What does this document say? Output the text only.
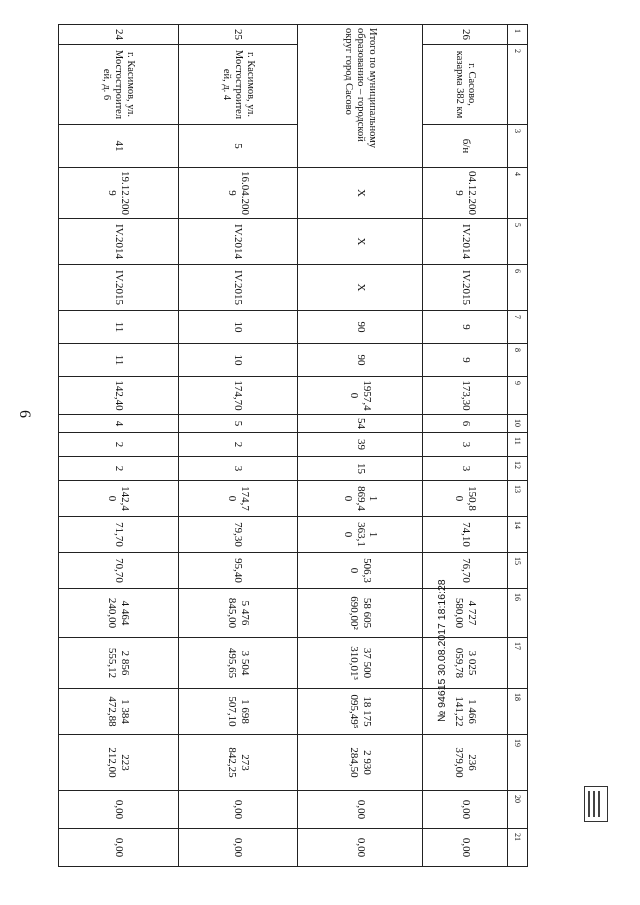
6
1	2	3	4	5	6	7	8	9	10	11	12	13	14	15	16	17	18	19	20	21
26	г. Сасово, казарма 382 км	б/н	04.12.2009	IV.2014	IV.2015	9	9	173,30	6	3	3	150,80	74,10	76,70	4 727 580,00	3 025 059,78	1 466 141,22	236 379,00	0,00	0,00
Итого по муниципальному образованию – городской округ город Сасово			Х	Х	Х	90	90	1957,40	54	39	15	1 869,40	1 363,10	506,30	58 605 690,00²	37 500 310,01³	18 175 095,49⁵	2 930 284,50	0,00	0,00
25	г. Касимов, ул. Мостостроителей, д. 4	5	16.04.2009	IV.2014	IV.2015	10	10	174,70	5	2	3	174,70	79,30	95,40	5 476 845,00	3 504 495,65	1 698 507,10	273 842,25	0,00	0,00
24	г. Касимов, ул. Мостостроителей, д. 6	41	19.12.2009	IV.2014	IV.2015	11	11	142,40	4	2	2	142,40	71,70	70,70	4 464 240,00	2 856 555,12	1 384 472,88	223 212,00	0,00	0,00
№ 94615 30.08.2017 18:16:28
